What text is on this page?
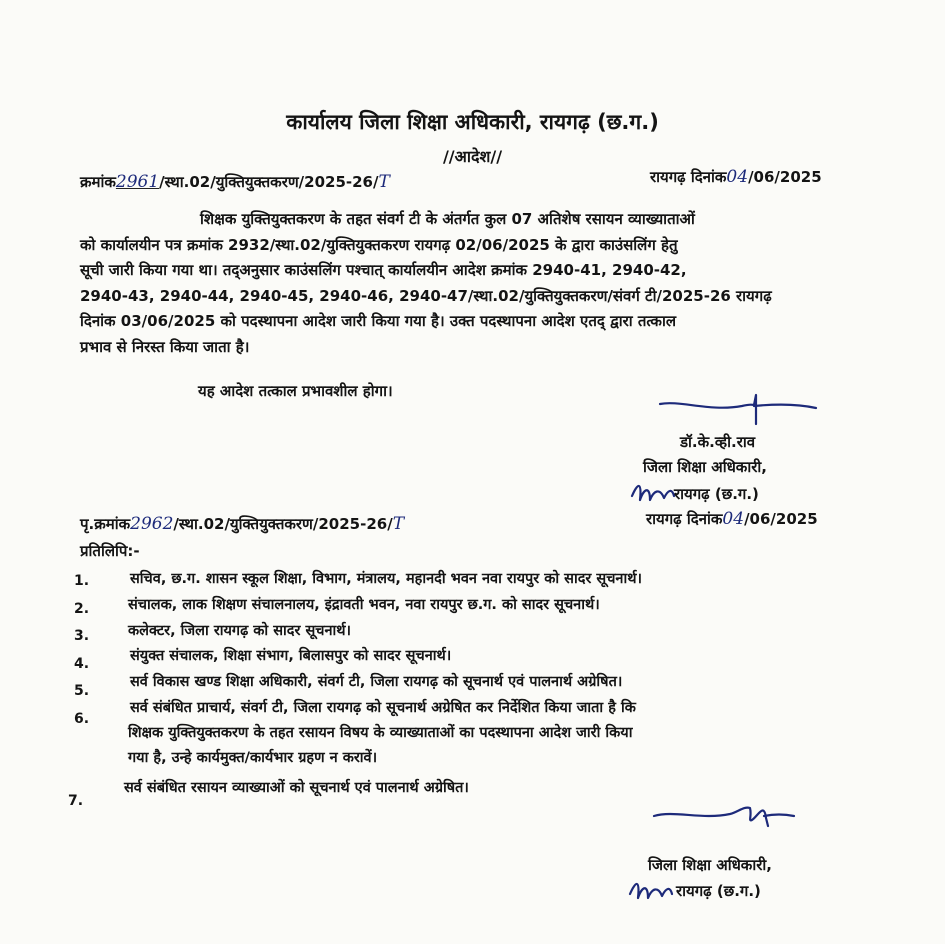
कार्यालय जिला शिक्षा अधिकारी, रायगढ़ (छ.ग.)
//आदेश//
क्रमांक2961/स्था.02/युक्तियुक्तकरण/2025-26/T	रायगढ़ दिनांक04/06/2025
शिक्षक युक्तियुक्तकरण के तहत संवर्ग टी के अंतर्गत कुल 07 अतिशेष रसायन व्याख्याताओं
को कार्यालयीन पत्र क्रमांक 2932/स्था.02/युक्तियुक्तकरण रायगढ़ 02/06/2025 के द्वारा काउंसलिंग हेतु
सूची जारी किया गया था। तद्अनुसार काउंसलिंग पश्चात् कार्यालयीन आदेश क्रमांक 2940-41, 2940-42,
2940-43, 2940-44, 2940-45, 2940-46, 2940-47/स्था.02/युक्तियुक्तकरण/संवर्ग टी/2025-26 रायगढ़
दिनांक 03/06/2025 को पदस्थापना आदेश जारी किया गया है। उक्त पदस्थापना आदेश एतद् द्वारा तत्काल
प्रभाव से निरस्त किया जाता है।
यह आदेश तत्काल प्रभावशील होगा।
डॉ.के.व्ही.राव
जिला शिक्षा अधिकारी,
रायगढ़ (छ.ग.)
पृ.क्रमांक2962/स्था.02/युक्तियुक्तकरण/2025-26/T	रायगढ़ दिनांक04/06/2025
प्रतिलिपि:-
1.	सचिव, छ.ग. शासन स्कूल शिक्षा, विभाग, मंत्रालय, महानदी भवन नवा रायपुर को सादर सूचनार्थ।
2.	संचालक, लाक शिक्षण संचालनालय, इंद्रावती भवन, नवा रायपुर छ.ग. को सादर सूचनार्थ।
3.	कलेक्टर, जिला रायगढ़ को सादर सूचनार्थ।
4.	संयुक्त संचालक, शिक्षा संभाग, बिलासपुर को सादर सूचनार्थ।
5.
सर्व विकास खण्ड शिक्षा अधिकारी, संवर्ग टी, जिला रायगढ़ को सूचनार्थ एवं पालनार्थ अग्रेषित।
6.
सर्व संबंधित प्राचार्य, संवर्ग टी, जिला रायगढ़ को सूचनार्थ अग्रेषित कर निर्देशित किया जाता है कि
शिक्षक युक्तियुक्तकरण के तहत रसायन विषय के व्याख्याताओं का पदस्थापना आदेश जारी किया
गया है, उन्हे कार्यमुक्त/कार्यभार ग्रहण न करावें।
7.
सर्व संबंधित रसायन व्याख्याओं को सूचनार्थ एवं पालनार्थ अग्रेषित।
जिला शिक्षा अधिकारी,
रायगढ़ (छ.ग.)
